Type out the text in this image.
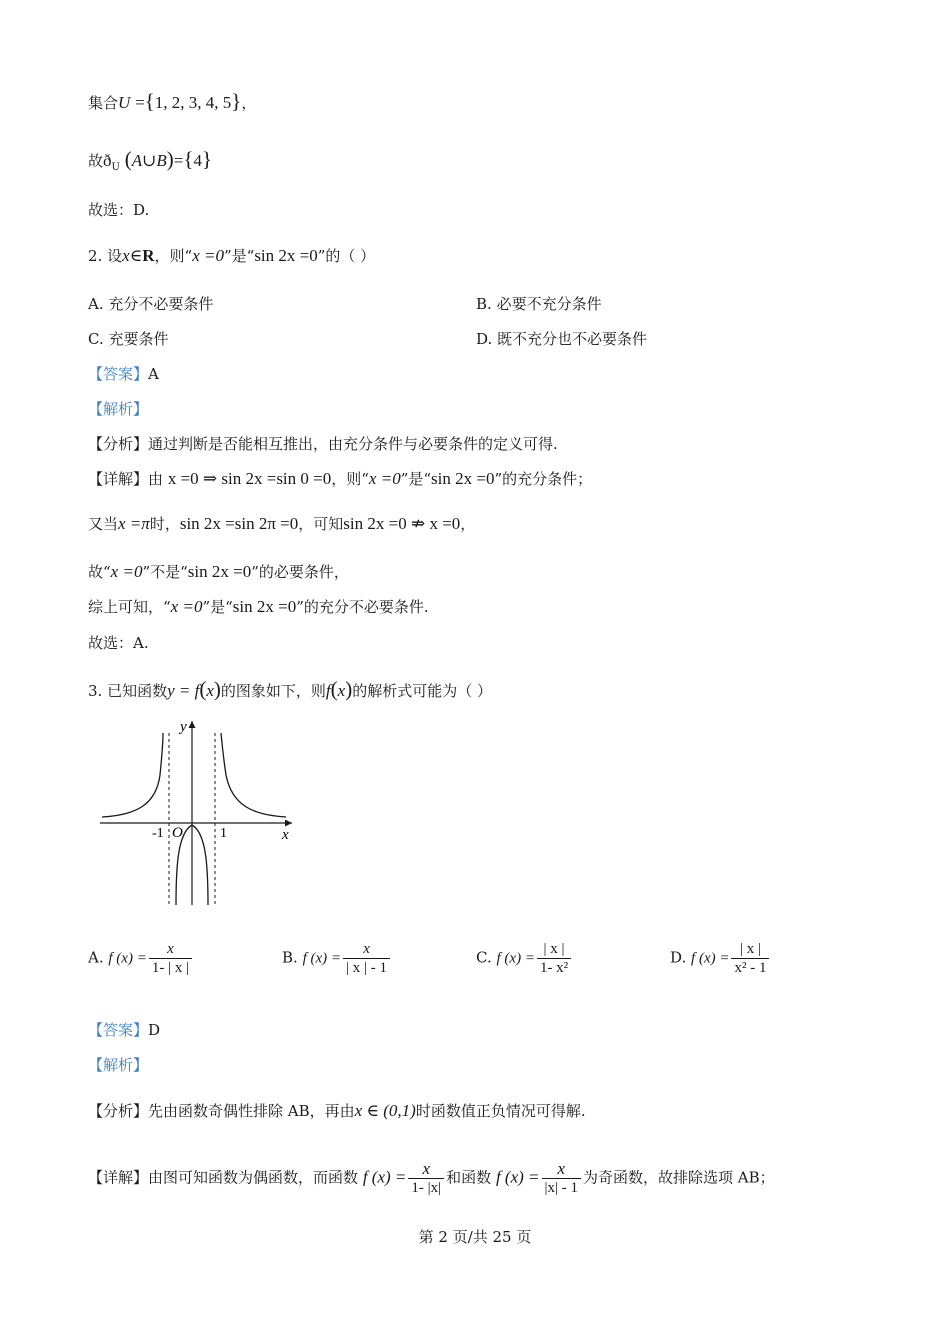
集合U ={1, 2, 3, 4, 5}，
故$ð_U$ (A∪B)={4}
故选：D.
2. 设x∈R，则“x =0”是“sin 2x =0”的（ ）
A. 充分不必要条件	B. 必要不充分条件
C. 充要条件	D. 既不充分也不必要条件
【答案】A
【解析】
【分析】通过判断是否能相互推出，由充分条件与必要条件的定义可得.
【详解】由 x =0 ⇒ sin 2x =sin 0 =0，则“x =0”是“sin 2x =0”的充分条件；
又当x =π时，sin 2x =sin 2π =0，可知sin 2x =0 ⇏ x =0，
故“x =0”不是“sin 2x =0”的必要条件，
综上可知，“x =0”是“sin 2x =0”的充分不必要条件.
故选：A.
3. 已知函数y = f(x)的图象如下，则f(x)的解析式可能为（ ）
y
x
O
-1	1
A. f $(x) = \frac{x}{1- | x |}$	B. f $(x) = \frac{x}{| x | - 1}$	C. f $(x) = \frac{| x |}{\text{1- x²}}$	D. f $(x) = \frac{| x |}{\text{x² - 1}}$
【答案】D
【解析】
【分析】先由函数奇偶性排除 AB，再由x ∈ (0,1)时函数值正负情况可得解.
【详解】由图可知函数为偶函数，而函数 f $(x) = \frac{x}{1- |x|}$ 和函数 f $(x) = \frac{x}{|x| - 1}$ 为奇函数，故排除选项 AB；
第 2 页/共 25 页
